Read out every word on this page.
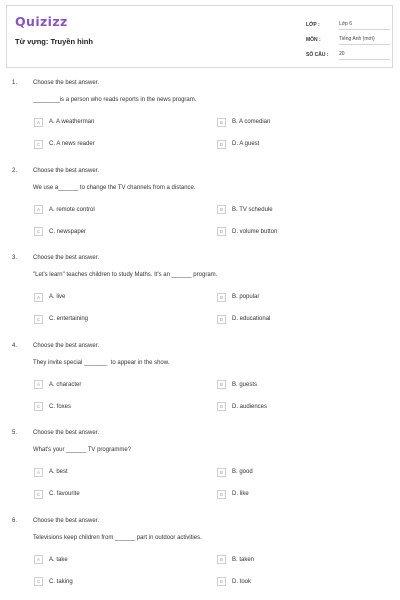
Quizizz
Từ vựng: Truyền hình
LỚP :	Lớp 6
MÔN :	Tiếng Anh (mới)
SỐ CÂU :	20
1.	Choose the best answer.
________is a person who reads reports in the news program.
A	A. A weatherman	B	B. A comedian
C	C. A news reader	D	D. A guest
2.	Choose the best answer.
We use a______ to change the TV channels from a distance.
A	A. remote control	B	B. TV schedule
C	C. newspaper	D	D. volume button
3.	Choose the best answer.
"Let's learn" teaches children to study Maths. It's an ______ program.
A	A. live	B	B. popular
C	C. entertaining	D	D. educational
4.	Choose the best answer.
They invite special _______  to appear in the show.
A	A. character	B	B. guests
C	C. foxes	D	D. audiences
5.	Choose the best answer.
What's your ______ TV programme?
A	A. best	B	B. good
C	C. favourite	D	D. like
6.	Choose the best answer.
Televisions keep children from ______ part in outdoor activities.
A	A. take	B	B. taken
C	C. taking	D	D. took
